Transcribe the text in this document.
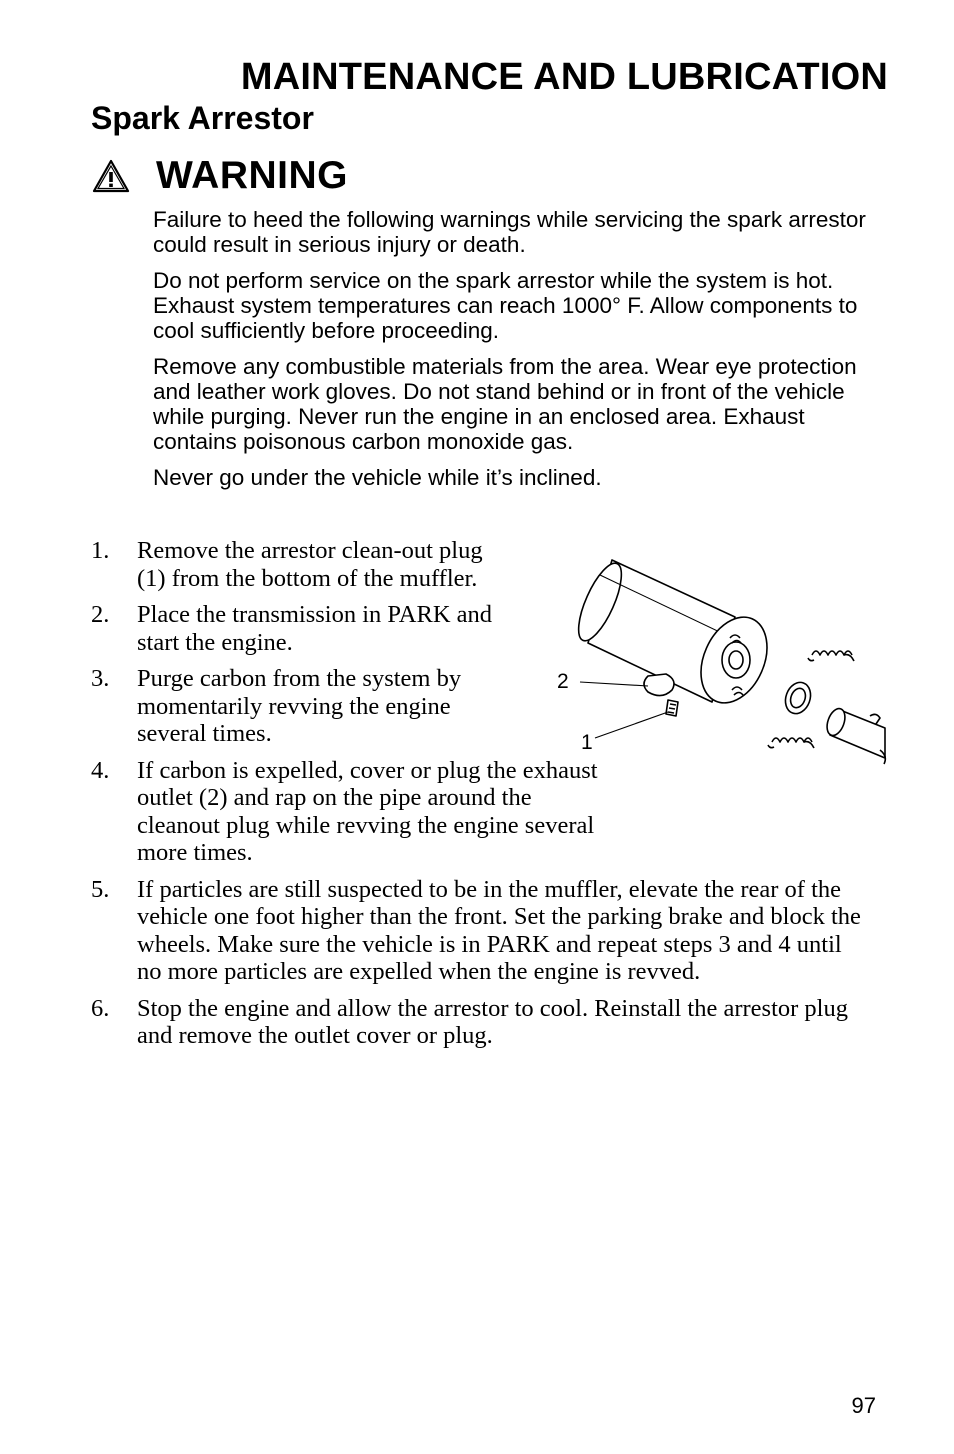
MAINTENANCE AND LUBRICATION
Spark Arrestor
WARNING

Failure to heed the following warnings while servicing the spark arrestor could result in serious injury or death.

Do not perform service on the spark arrestor while the system is hot. Exhaust system temperatures can reach 1000° F. Allow components to cool sufficiently before proceeding.

Remove any combustible materials from the area. Wear eye protection and leather work gloves. Do not stand behind or in front of the vehicle while purging. Never run the engine in an enclosed area. Exhaust contains poisonous carbon monoxide gas.

Never go under the vehicle while it’s inclined.

1. Remove the arrestor clean-out plug (1) from the bottom of the muffler.
2. Place the transmission in PARK and start the engine.
3. Purge carbon from the system by momentarily revving the engine several times.
4. If carbon is expelled, cover or plug the exhaust outlet (2) and rap on the pipe around the cleanout plug while revving the engine several more times.
5. If particles are still suspected to be in the muffler, elevate the rear of the vehicle one foot higher than the front. Set the parking brake and block the wheels. Make sure the vehicle is in PARK and repeat steps 3 and 4 until no more particles are expelled when the engine is revved.
6. Stop the engine and allow the arrestor to cool. Reinstall the arrestor plug and remove the outlet cover or plug.
2
1
97
